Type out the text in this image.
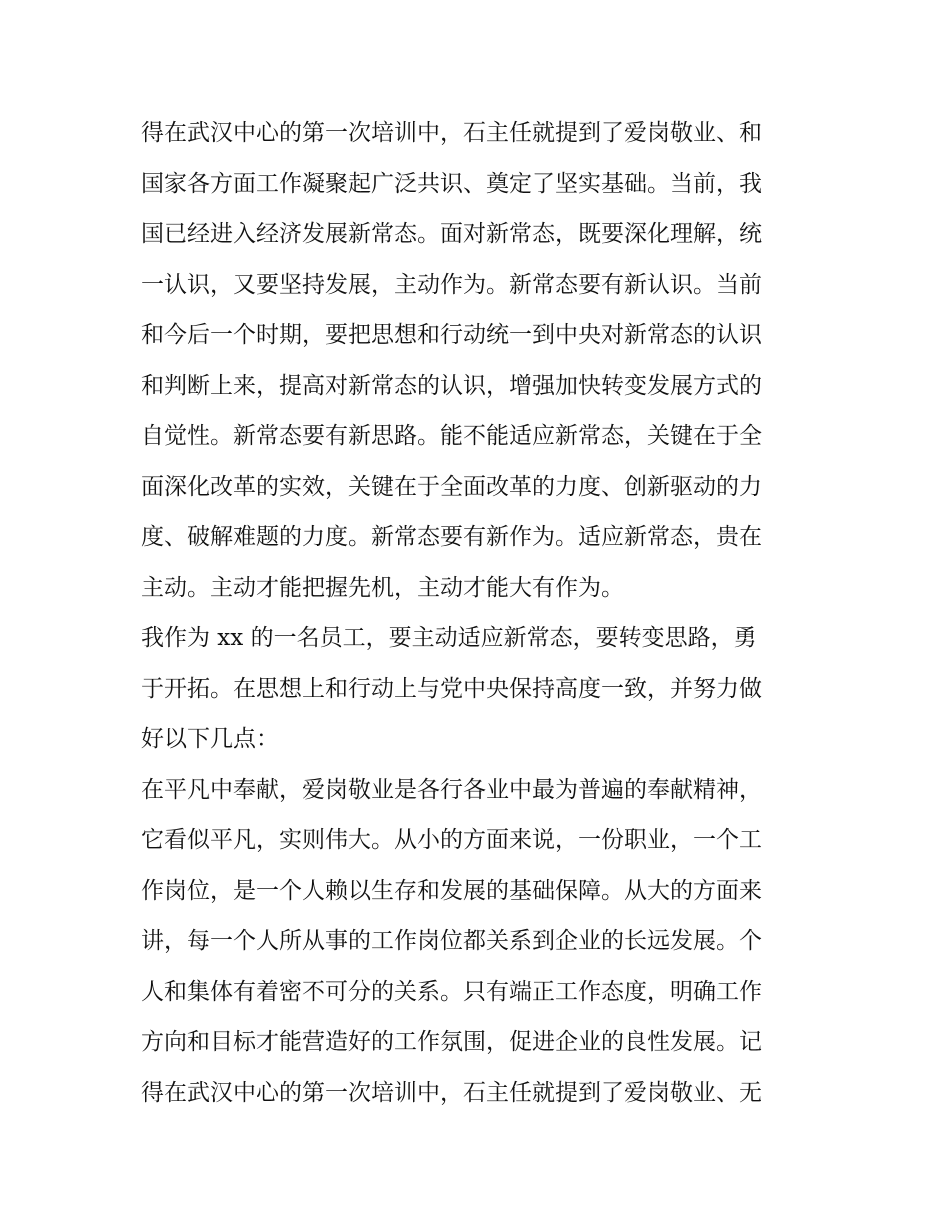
得在武汉中心的第一次培训中，石主任就提到了爱岗敬业、和
国家各方面工作凝聚起广泛共识、奠定了坚实基础。当前，我
国已经进入经济发展新常态。面对新常态，既要深化理解，统
一认识，又要坚持发展，主动作为。新常态要有新认识。当前
和今后一个时期，要把思想和行动统一到中央对新常态的认识
和判断上来，提高对新常态的认识，增强加快转变发展方式的
自觉性。新常态要有新思路。能不能适应新常态，关键在于全
面深化改革的实效，关键在于全面改革的力度、创新驱动的力
度、破解难题的力度。新常态要有新作为。适应新常态，贵在
主动。主动才能把握先机，主动才能大有作为。
我作为 xx 的一名员工，要主动适应新常态，要转变思路，勇
于开拓。在思想上和行动上与党中央保持高度一致，并努力做
好以下几点：
在平凡中奉献，爱岗敬业是各行各业中最为普遍的奉献精神，
它看似平凡，实则伟大。从小的方面来说，一份职业，一个工
作岗位，是一个人赖以生存和发展的基础保障。从大的方面来
讲，每一个人所从事的工作岗位都关系到企业的长远发展。个
人和集体有着密不可分的关系。只有端正工作态度，明确工作
方向和目标才能营造好的工作氛围，促进企业的良性发展。记
得在武汉中心的第一次培训中，石主任就提到了爱岗敬业、无
